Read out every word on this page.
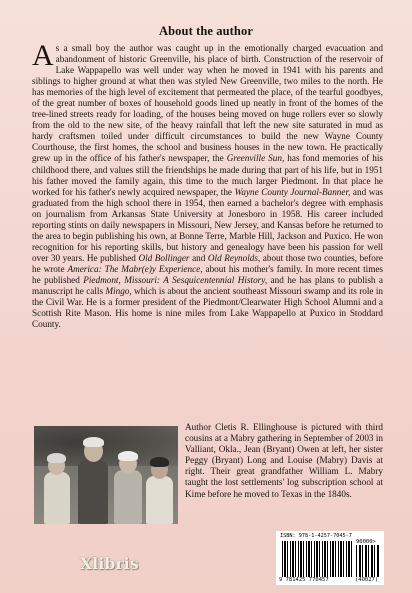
About the author
As a small boy the author was caught up in the emotionally charged evacuation and abandonment of historic Greenville, his place of birth. Construction of the reservoir of Lake Wappapello was well under way when he moved in 1941 with his parents and siblings to higher ground at what then was styled New Greenville, two miles to the north. He has memories of the high level of excitement that permeated the place, of the tearful goodbyes, of the great number of boxes of household goods lined up neatly in front of the homes of the tree-lined streets ready for loading, of the houses being moved on huge rollers ever so slowly from the old to the new site, of the heavy rainfall that left the new site saturated in mud as hardy craftsmen toiled under difficult circumstances to build the new Wayne County Courthouse, the first homes, the school and business houses in the new town. He practically grew up in the office of his father's newspaper, the Greenville Sun, has fond memories of his childhood there, and values still the friendships he made during that part of his life, but in 1951 his father moved the family again, this time to the much larger Piedmont. In that place he worked for his father's newly acquired newspaper, the Wayne County Journal-Banner, and was graduated from the high school there in 1954, then earned a bachelor's degree with emphasis on journalism from Arkansas State University at Jonesboro in 1958. His career included reporting stints on daily newspapers in Missouri, New Jersey, and Kansas before he returned to the area to begin publishing his own, at Bonne Terre, Marble Hill, Jackson and Puxico. He won recognition for his reporting skills, but history and genealogy have been his passion for well over 30 years. He published Old Bollinger and Old Reynolds, about those two counties, before he wrote America: The Mabr(e)y Experience, about his mother's family. In more recent times he published Piedmont, Missouri: A Sesquicentennial History, and he has plans to publish a manuscript he calls Mingo, which is about the ancient southeast Missouri swamp and its role in the Civil War. He is a former president of the Piedmont/Clearwater High School Alumni and a Scottish Rite Mason. His home is nine miles from Lake Wappapello at Puxico in Stoddard County.
Author Cletis R. Ellinghouse is pictured with third cousins at a Mabry gathering in September of 2003 in Valliant, Okla., Jean (Bryant) Owen at left, her sister Peggy (Bryant) Long and Louise (Mabry) Davis at right. Their great grandfather William L. Mabry taught the lost settlements' log subscription school at Kime before he moved to Texas in the 1840s.
ISBN: 978-1-4257-7045-7
90000>
9 781425 770457	(40027)
Xlibris
